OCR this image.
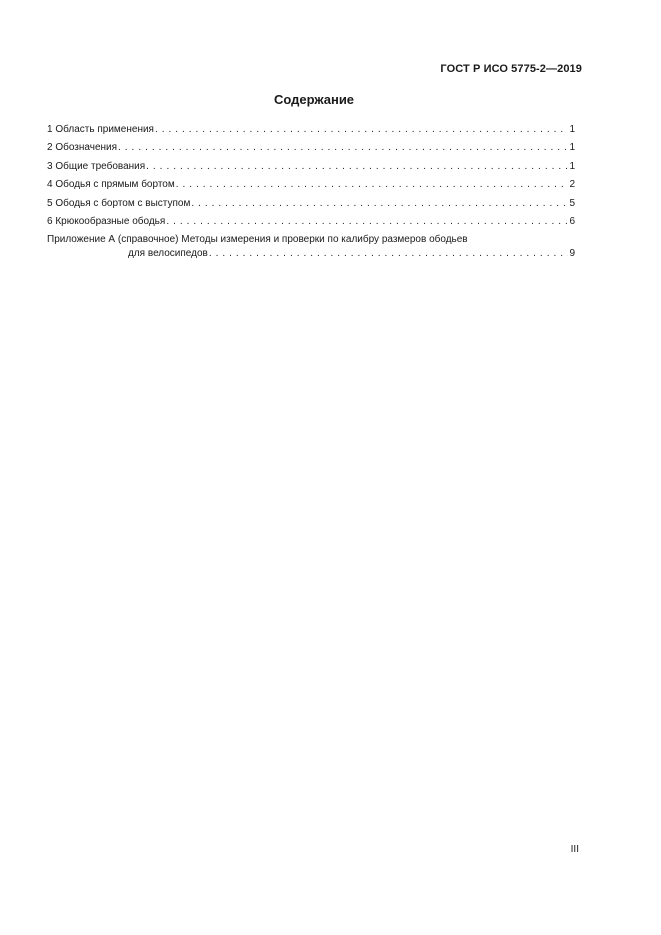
ГОСТ Р ИСО 5775-2—2019
Содержание
1 Область применения . . .	1
2 Обозначения . . .	1
3 Общие требования . . .	1
4 Ободья с прямым бортом . . .	2
5 Ободья с бортом с выступом . . .	5
6 Крюкообразные ободья . . .	6
Приложение А (справочное) Методы измерения и проверки по калибру размеров ободьев
для велосипедов . . .	9
III
